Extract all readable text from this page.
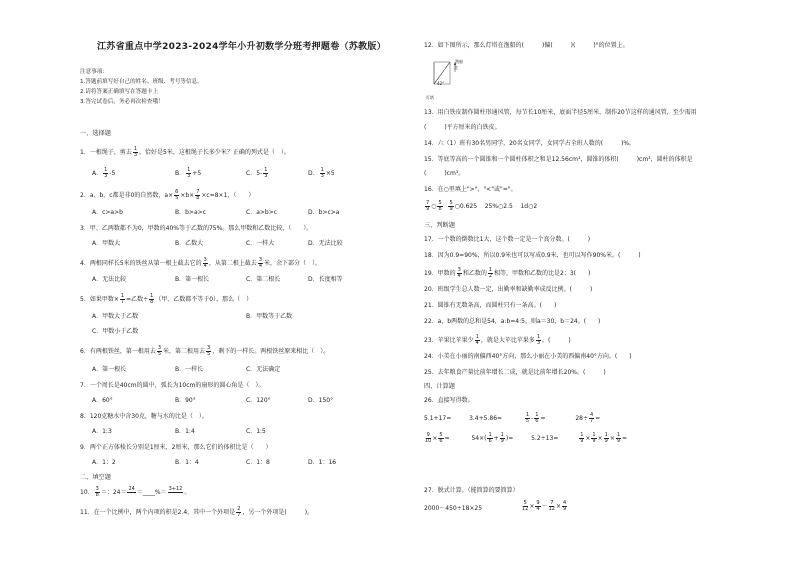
江苏省重点中学2023-2024学年小升初数学分班考押题卷（苏教版）
注意事项：
1.答题前填写好自己的姓名、班级、考号等信息。
2.请将答案正确填写在答题卡上
3.答完试卷后，务必再次检查哦！
一、选择题
1．一根绳子，剪去 $\frac{1}{3}$ ，恰好是5米，这根绳子长多少米？正确的列式是（　）。
A． $\frac{1}{3} -5$	B． $\frac{1}{3} +5$	C．$5- \frac{1}{3}$	D． $\frac{1}{3} \times 5$
2．a、b、c都是非0的自然数，$a\times \frac{6}{5} \times b\times \frac{7}{8} \times c=8\times 1$，（　　）
A．c>a>b	B．b>a>c	C．a>b>c	D．b>c>a
3．甲、乙两数都不为0，甲数的40%等于乙数的75%。那么甲数和乙数比较，（　　）。
A．甲数大	B．乙数大	C．一样大	D．无法比较
4．两根同样长5米的铁丝从第一根上截去它的 $\frac{3}{4}$ ，从第二根上截去 $\frac{3}{4}$ 米，余下部分（　）。
A．无法比较	B．第一根长	C．第二根长	D．长度相等
5．如果甲数× $\frac{1}{7}$ =乙数÷ $\frac{1}{8}$ （甲、乙数都不等于0），那么（　）
A．甲数大于乙数	B．甲数等于乙数
C．甲数小于乙数
6．有两根铁丝，第一根用去 $\frac{3}{5}$ 米，第二根用去 $\frac{3}{5}$ ，剩下的一样长。两根铁丝原来相比（　）。
A．第一根长	B．一样长	C．无法确定
7．一个周长是40cm的圆中，弧长为10cm的扇形的圆心角是（　）。
A．60°	B．90°	C．120°	D．150°
8．120克糖水中含30克，糖与水的比是（　）。
A．1:3	B．1:4	C．1:5
9．两个正方体棱长分别是1厘米，2厘米，那么它们的体积比是（　　）
A．1：2	B．1：4	C．1：8	D．1：16
二、填空题
10． $\frac{3}{8}$ ＝：24＝ 24
＝____%＝ 3+12
。
11．在一个比例中，两个内项的积是2.4，其中一个外项是 $\frac{2}{7}$ ，另一个外项是(　　　)。
12．如下图所示，那么灯塔在渔船的(　　　)偏(　　　)(　　　)°的位置上。
渔船
北
42°
灯塔
13．用白铁皮制作圆柱形通风管，每节长10厘米，底面半径5厘米，制作20节这样的通风管，至少需用
(　　　)平方厘米的白铁皮。
14．六（1）班有30名男同学，20名女同学，女同学占全班人数的(　　　)%。
15．等底等高的一个圆锥和一个圆柱体积之和是12.56cm³，圆锥的体积(　　　)cm³，圆柱的体积是
(　　　)cm³。
16．在○里填上">"、"<"或"="。
$\frac{7}{9}$ ○ $\frac{5}{8}$
$\frac{5}{9}$ ○0.625 25%○2.5 1d○2
三、判断题
17．一个数的倒数比1大，这个数一定是一个真分数。(　　　)
18．因为0.9=90%，所以0.9米也可以写成0.9米，也可以写作90%米。(　　　)
19．甲数的 $\frac{3}{4}$ 和乙数的 $\frac{1}{2}$ 相等，甲数和乙数的比是2：3(　　)
20．班级学生总人数一定，出勤率和缺勤率成反比例。(　　　)
21．圆锥有无数条高，而圆柱只有一条高。(　　)
22．a，b两数的总和是54，a:b=4:5，则a＝30，b＝24。(　　)
23．苹果比苹果少 $\frac{1}{4}$ ，就是大苹比苹果多 $\frac{1}{3}$ 。(　　　)
24．小美在小丽的南偏西40°方向，那么小丽在小美的西偏南40°方向。(　　)
25．去年粮食产量比前年增长二成，就是比前年增长20%。(　　　)
四、计算题
26．直接写得数。
5.1+17=	3.4+5.86=	$\frac{1}{5} - \frac{1}{6}$ =	$28\div \frac{4}{7}$ =
$\frac{9}{10} \times \frac{5}{6}$ =	$54\times( \frac{1}{6} + \frac{1}{9}$ )=	5.2÷13=	$\frac{1}{9} \times \frac{1}{9} \times \frac{1}{9} \times \frac{1}{9}$ =
27．脱式计算。（能简算的要简算）
2000－450÷18×25	$\frac{5}{12} \times \frac{9}{4} - \frac{7}{12} \times \frac{4}{9}$
